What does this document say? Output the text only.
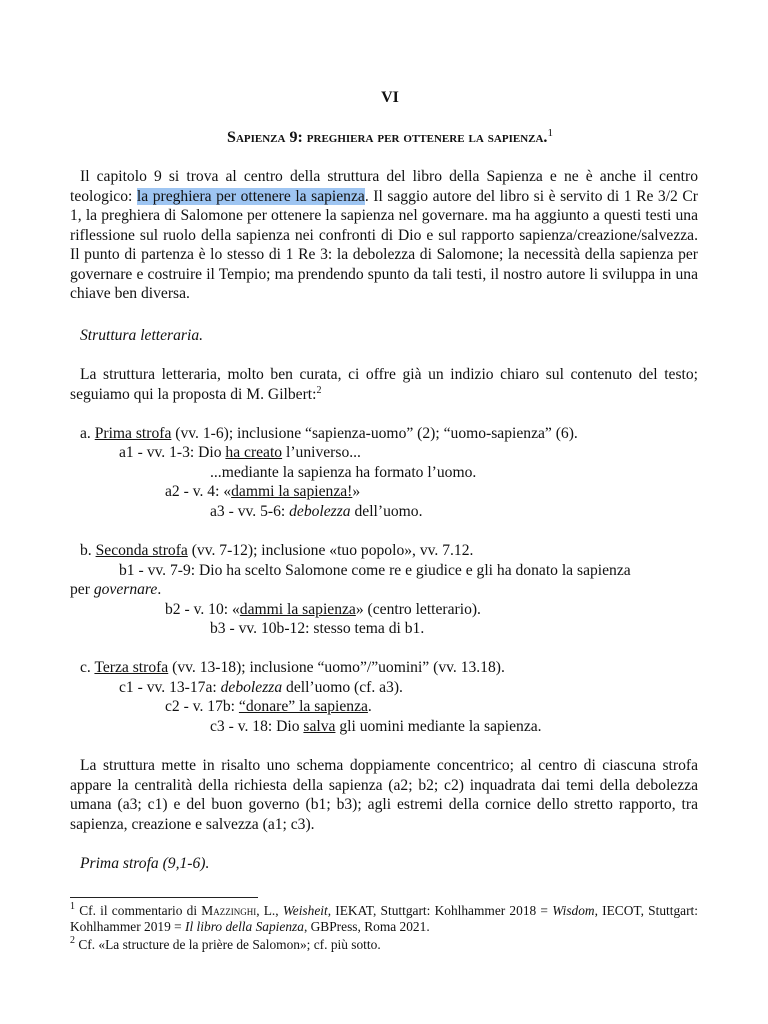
VI
Sapienza 9: preghiera per ottenere la sapienza.$^1$

Il capitolo 9 si trova al centro della struttura del libro della Sapienza e ne è anche il centro teologico: la preghiera per ottenere la sapienza. Il saggio autore del libro si è servito di 1 Re 3/2 Cr 1, la preghiera di Salomone per ottenere la sapienza nel governare. ma ha aggiunto a questi testi una riflessione sul ruolo della sapienza nei confronti di Dio e sul rapporto sapienza/creazione/salvezza. Il punto di partenza è lo stesso di 1 Re 3: la debolezza di Salomone; la necessità della sapienza per governare e costruire il Tempio; ma prendendo spunto da tali testi, il nostro autore li sviluppa in una chiave ben diversa.

Struttura letteraria.

La struttura letteraria, molto ben curata, ci offre già un indizio chiaro sul contenuto del testo; seguiamo qui la proposta di M. Gilbert:$^2$

a. Prima strofa (vv. 1-6); inclusione “sapienza-uomo” (2); “uomo-sapienza” (6).
a1 - vv. 1-3: Dio ha creato l’universo...
...mediante la sapienza ha formato l’uomo.
a2 - v. 4: «dammi la sapienza!»
a3 - vv. 5-6: debolezza dell’uomo.
b. Seconda strofa (vv. 7-12); inclusione «tuo popolo», vv. 7.12.
b1 - vv. 7-9: Dio ha scelto Salomone come re e giudice e gli ha donato la sapienza
per governare.
b2 - v. 10: «dammi la sapienza» (centro letterario).
b3 - vv. 10b-12: stesso tema di b1.
c. Terza strofa (vv. 13-18); inclusione “uomo”/”uomini” (vv. 13.18).
c1 - vv. 13-17a: debolezza dell’uomo (cf. a3).
c2 - v. 17b: “donare” la sapienza.
c3 - v. 18: Dio salva gli uomini mediante la sapienza.

La struttura mette in risalto uno schema doppiamente concentrico; al centro di ciascuna strofa appare la centralità della richiesta della sapienza (a2; b2; c2) inquadrata dai temi della debolezza umana (a3; c1) e del buon governo (b1; b3); agli estremi della cornice dello stretto rapporto, tra sapienza, creazione e salvezza (a1; c3).

Prima strofa (9,1-6).

$^1$ Cf. il commentario di Mazzinghi, L., Weisheit, IEKAT, Stuttgart: Kohlhammer 2018 = Wisdom, IECOT, Stuttgart: Kohlhammer 2019 = Il libro della Sapienza, GBPress, Roma 2021.
$^2$ Cf. «La structure de la prière de Salomon»; cf. più sotto.
